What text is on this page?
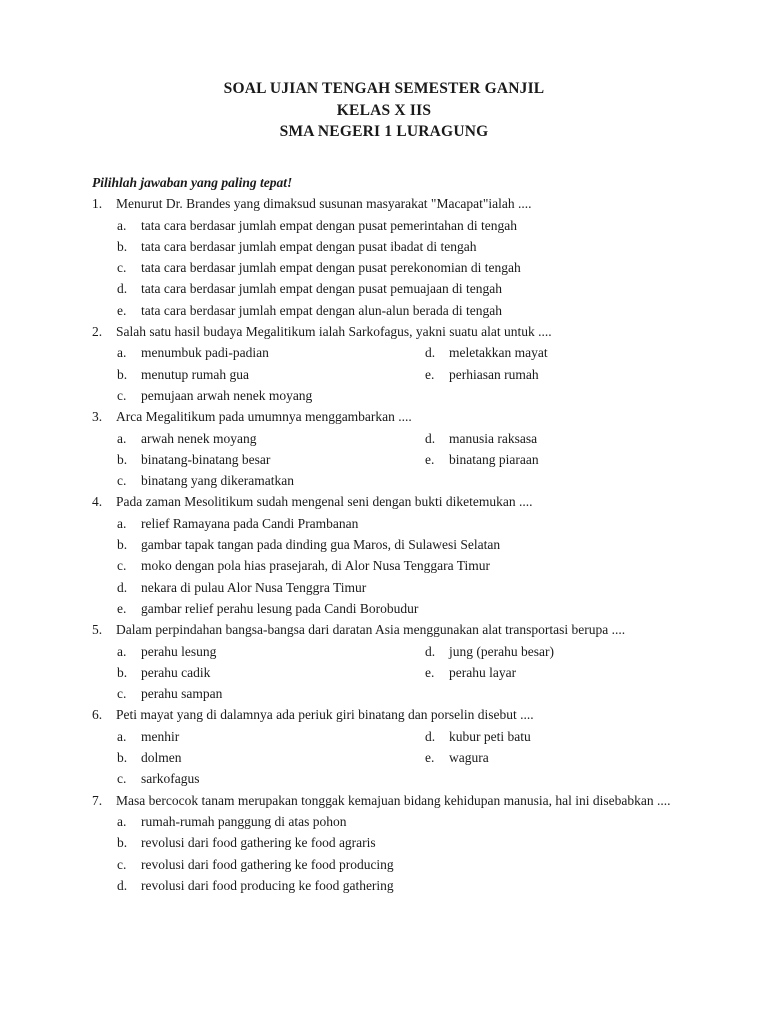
SOAL UJIAN TENGAH SEMESTER GANJIL
KELAS X IIS
SMA NEGERI 1 LURAGUNG
Pilihlah jawaban yang paling tepat!
1.	Menurut Dr. Brandes yang dimaksud susunan masyarakat "Macapat"ialah ....
a. tata cara berdasar jumlah empat dengan pusat pemerintahan di tengah
b. tata cara berdasar jumlah empat dengan pusat ibadat di tengah
c. tata cara berdasar jumlah empat dengan pusat perekonomian di tengah
d. tata cara berdasar jumlah empat dengan pusat pemuajaan di tengah
e. tata cara berdasar jumlah empat dengan alun-alun berada di tengah
2.	Salah satu hasil budaya Megalitikum ialah Sarkofagus, yakni suatu alat untuk ....
a. menumbuk padi-padian	d. meletakkan mayat
b. menutup rumah gua	e. perhiasan rumah
c. pemujaan arwah nenek moyang
3.	Arca Megalitikum pada umumnya menggambarkan ....
a. arwah nenek moyang	d. manusia raksasa
b. binatang-binatang besar	e. binatang piaraan
c. binatang yang dikeramatkan
4.	Pada zaman Mesolitikum sudah mengenal seni dengan bukti diketemukan ....
a. relief Ramayana pada Candi Prambanan
b. gambar tapak tangan pada dinding gua Maros, di Sulawesi Selatan
c. moko dengan pola hias prasejarah, di Alor Nusa Tenggara Timur
d. nekara di pulau Alor Nusa Tenggra Timur
e. gambar relief perahu lesung pada Candi Borobudur
5.	Dalam perpindahan bangsa-bangsa dari daratan Asia menggunakan alat transportasi berupa ....
a. perahu lesung	d. jung (perahu besar)
b. perahu cadik	e. perahu layar
c. perahu sampan
6.	Peti mayat yang di dalamnya ada periuk giri binatang dan porselin disebut ....
a. menhir	d. kubur peti batu
b. dolmen	e. wagura
c. sarkofagus
7.	Masa bercocok tanam merupakan tonggak kemajuan bidang kehidupan manusia, hal ini disebabkan ....
a. rumah-rumah panggung di atas pohon
b. revolusi dari food gathering ke food agraris
c. revolusi dari food gathering ke food producing
d. revolusi dari food producing ke food gathering
